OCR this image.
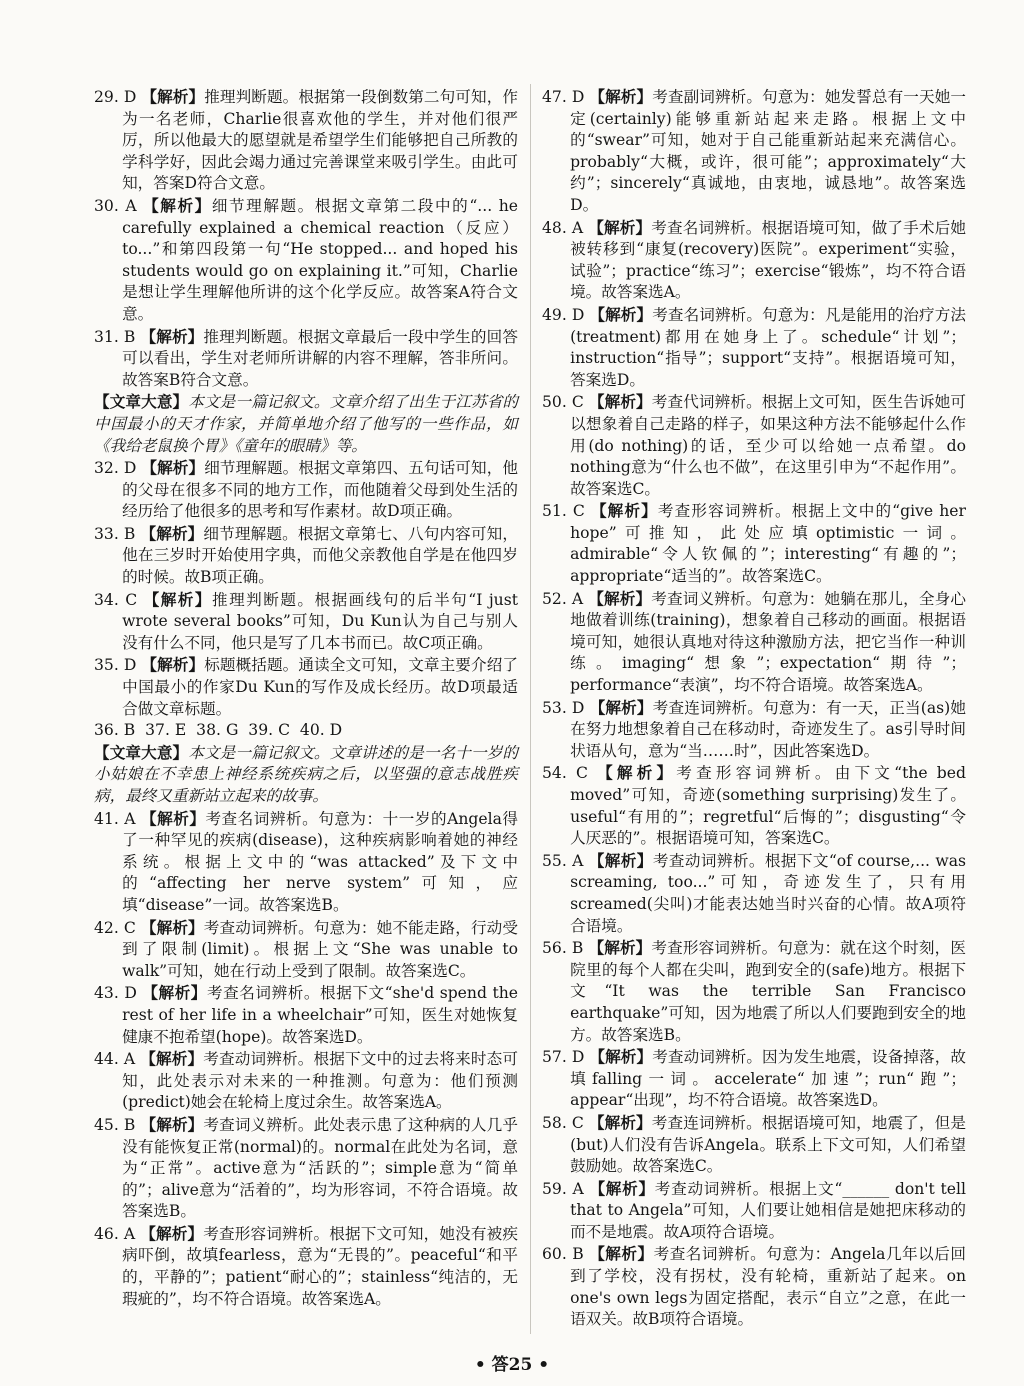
29. D 【解析】推理判断题。根据第一段倒数第二句可知，作为一名老师，Charlie很喜欢他的学生，并对他们很严厉，所以他最大的愿望就是希望学生们能够把自己所教的学科学好，因此会竭力通过完善课堂来吸引学生。由此可知，答案D符合文意。
30. A 【解析】细节理解题。根据文章第二段中的“... he carefully explained a chemical reaction（反应）to...”和第四段第一句“He stopped... and hoped his students would go on explaining it.”可知，Charlie是想让学生理解他所讲的这个化学反应。故答案A符合文意。
31. B 【解析】推理判断题。根据文章最后一段中学生的回答可以看出，学生对老师所讲解的内容不理解，答非所问。故答案B符合文意。
【文章大意】本文是一篇记叙文。文章介绍了出生于江苏省的中国最小的天才作家，并简单地介绍了他写的一些作品，如《我给老鼠换个胃》《童年的眼睛》等。
32. D 【解析】细节理解题。根据文章第四、五句话可知，他的父母在很多不同的地方工作，而他随着父母到处生活的经历给了他很多的思考和写作素材。故D项正确。
33. B 【解析】细节理解题。根据文章第七、八句内容可知，他在三岁时开始使用字典，而他父亲教他自学是在他四岁的时候。故B项正确。
34. C 【解析】推理判断题。根据画线句的后半句“I just wrote several books”可知，Du Kun认为自己与别人没有什么不同，他只是写了几本书而已。故C项正确。
35. D 【解析】标题概括题。通读全文可知，文章主要介绍了中国最小的作家Du Kun的写作及成长经历。故D项最适合做文章标题。
36. B  37. E  38. G  39. C  40. D
【文章大意】本文是一篇记叙文。文章讲述的是一名十一岁的小姑娘在不幸患上神经系统疾病之后，以坚强的意志战胜疾病，最终又重新站立起来的故事。
41. A 【解析】考查名词辨析。句意为：十一岁的Angela得了一种罕见的疾病(disease)，这种疾病影响着她的神经系统。根据上文中的“was attacked”及下文中的“affecting her nerve system”可知，应填“disease”一词。故答案选B。
42. C 【解析】考查动词辨析。句意为：她不能走路，行动受到了限制(limit)。根据上文“She was unable to walk”可知，她在行动上受到了限制。故答案选C。
43. D 【解析】考查名词辨析。根据下文“she'd spend the rest of her life in a wheelchair”可知，医生对她恢复健康不抱希望(hope)。故答案选D。
44. A 【解析】考查动词辨析。根据下文中的过去将来时态可知，此处表示对未来的一种推测。句意为：他们预测(predict)她会在轮椅上度过余生。故答案选A。
45. B 【解析】考查词义辨析。此处表示患了这种病的人几乎没有能恢复正常(normal)的。normal在此处为名词，意为“正常”。active意为“活跃的”；simple意为“简单的”；alive意为“活着的”，均为形容词，不符合语境。故答案选B。
46. A 【解析】考查形容词辨析。根据下文可知，她没有被疾病吓倒，故填fearless，意为“无畏的”。peaceful“和平的，平静的”；patient“耐心的”；stainless“纯洁的，无瑕疵的”，均不符合语境。故答案选A。
47. D 【解析】考查副词辨析。句意为：她发誓总有一天她一定(certainly)能够重新站起来走路。根据上文中的“swear”可知，她对于自己能重新站起来充满信心。probably“大概，或许，很可能”；approximately“大约”；sincerely“真诚地，由衷地，诚恳地”。故答案选D。
48. A 【解析】考查名词辨析。根据语境可知，做了手术后她被转移到“康复(recovery)医院”。experiment“实验，试验”；practice“练习”；exercise“锻炼”，均不符合语境。故答案选A。
49. D 【解析】考查名词辨析。句意为：凡是能用的治疗方法(treatment)都用在她身上了。schedule“计划”；instruction“指导”；support“支持”。根据语境可知，答案选D。
50. C 【解析】考查代词辨析。根据上文可知，医生告诉她可以想象着自己走路的样子，如果这种方法不能够起什么作用(do nothing)的话，至少可以给她一点希望。do nothing意为“什么也不做”，在这里引申为“不起作用”。故答案选C。
51. C 【解析】考查形容词辨析。根据上文中的“give her hope”可推知，此处应填optimistic一词。admirable“令人钦佩的”；interesting“有趣的”；appropriate“适当的”。故答案选C。
52. A 【解析】考查词义辨析。句意为：她躺在那儿，全身心地做着训练(training)，想象着自己移动的画面。根据语境可知，她很认真地对待这种激励方法，把它当作一种训练。imaging“想象”；expectation“期待”；performance“表演”，均不符合语境。故答案选A。
53. D 【解析】考查连词辨析。句意为：有一天，正当(as)她在努力地想象着自己在移动时，奇迹发生了。as引导时间状语从句，意为“当……时”，因此答案选D。
54. C 【解析】考查形容词辨析。由下文“the bed moved”可知，奇迹(something surprising)发生了。useful“有用的”；regretful“后悔的”；disgusting“令人厌恶的”。根据语境可知，答案选C。
55. A 【解析】考查动词辨析。根据下文“of course,... was screaming, too...”可知，奇迹发生了，只有用screamed(尖叫)才能表达她当时兴奋的心情。故A项符合语境。
56. B 【解析】考查形容词辨析。句意为：就在这个时刻，医院里的每个人都在尖叫，跑到安全的(safe)地方。根据下文“It was the terrible San Francisco earthquake”可知，因为地震了所以人们要跑到安全的地方。故答案选B。
57. D 【解析】考查动词辨析。因为发生地震，设备掉落，故填falling一词。accelerate“加速”；run“跑”；appear“出现”，均不符合语境。故答案选D。
58. C 【解析】考查连词辨析。根据语境可知，地震了，但是(but)人们没有告诉Angela。联系上下文可知，人们希望鼓励她。故答案选C。
59. A 【解析】考查动词辨析。根据上文“______ don't tell that to Angela”可知，人们要让她相信是她把床移动的而不是地震。故A项符合语境。
60. B 【解析】考查名词辨析。句意为：Angela几年以后回到了学校，没有拐杖，没有轮椅，重新站了起来。on one's own legs为固定搭配，表示“自立”之意，在此一语双关。故B项符合语境。
• 答25 •
